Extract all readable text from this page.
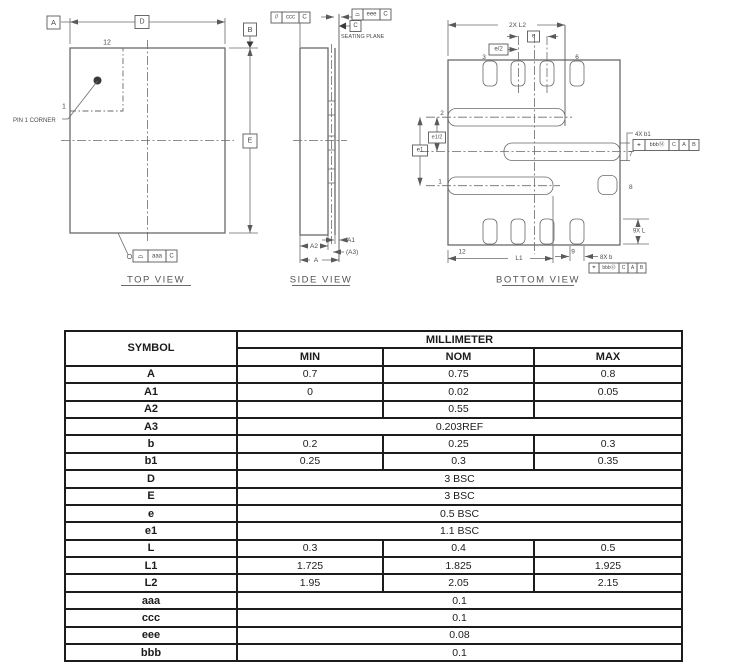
D
A
E
B
12
1
PIN 1 CORNER
⌓ aaa C
TOP VIEW
// ccc C	⌓ eee C
C
SEATING PLANE
A2
A1
(A3)
A
SIDE VIEW
2X L2
e/2
e
e1
e1/2
3	6
2
1
12	9
8
7
4X b1
⌖ bbbⓂ C A B
9X L
L1	8X b
⌖ bbbⓂ C A B
BOTTOM VIEW
SYMBOL	MILLIMETER		
	MIN	NOM	MAX
A	0.7	0.75	0.8
A1	0	0.02	0.05
A2		0.55	
A3	0.203REF		
b	0.2	0.25	0.3
b1	0.25	0.3	0.35
D	3 BSC		
E	3 BSC		
e	0.5 BSC		
e1	1.1 BSC		
L	0.3	0.4	0.5
L1	1.725	1.825	1.925
L2	1.95	2.05	2.15
aaa	0.1		
ccc	0.1		
eee	0.08		
bbb	0.1		
